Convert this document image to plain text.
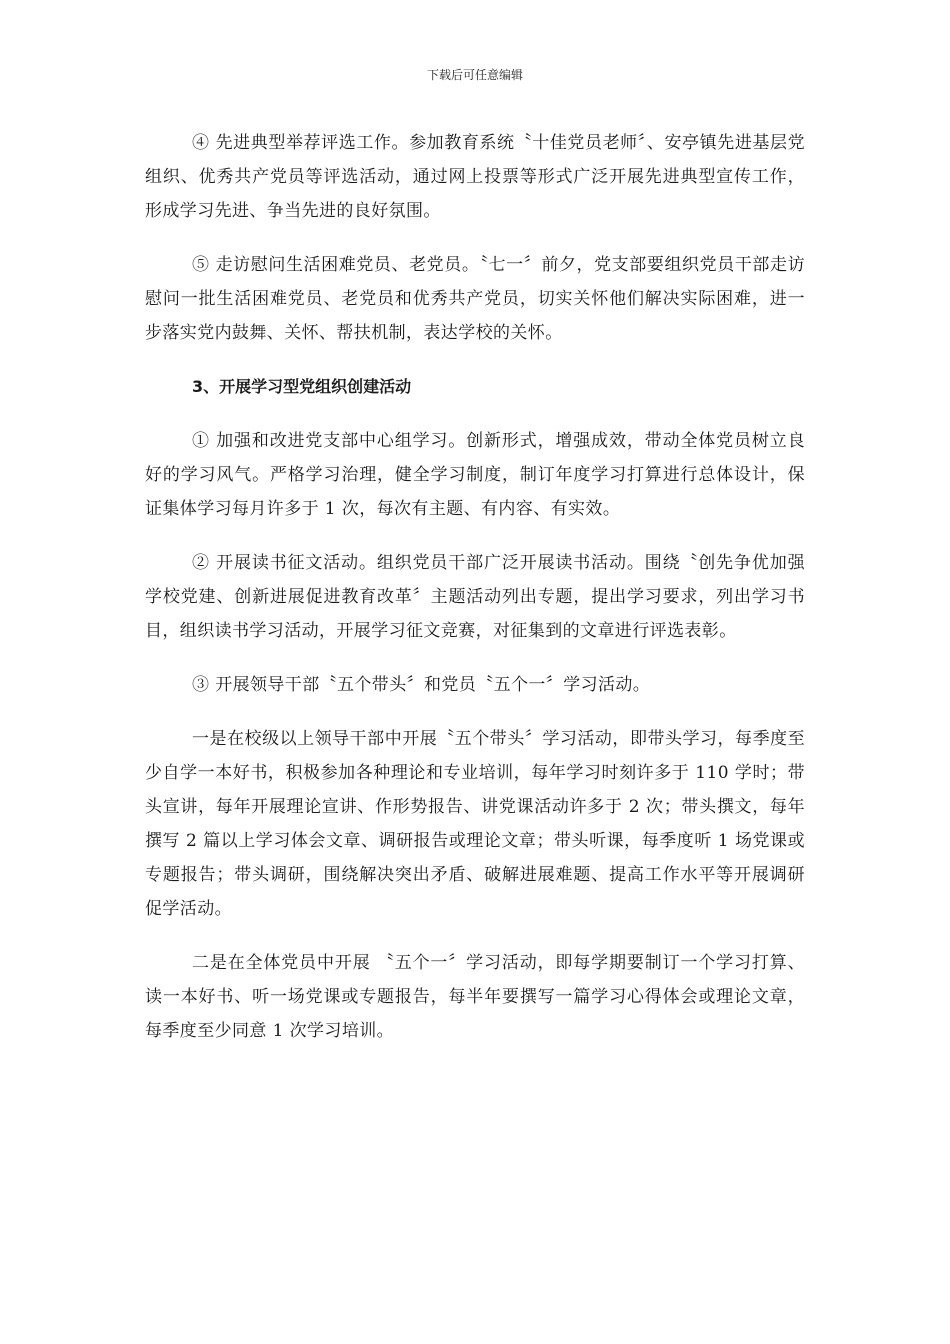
下载后可任意编辑

④ 先进典型举荐评选工作。参加教育系统〝十佳党员老师〞、安亭镇先进基层党组织、优秀共产党员等评选活动，通过网上投票等形式广泛开展先进典型宣传工作，形成学习先进、争当先进的良好氛围。

⑤ 走访慰问生活困难党员、老党员。〝七一〞前夕，党支部要组织党员干部走访慰问一批生活困难党员、老党员和优秀共产党员，切实关怀他们解决实际困难，进一步落实党内鼓舞、关怀、帮扶机制，表达学校的关怀。

3、开展学习型党组织创建活动

① 加强和改进党支部中心组学习。创新形式，增强成效，带动全体党员树立良好的学习风气。严格学习治理，健全学习制度，制订年度学习打算进行总体设计，保证集体学习每月许多于 1 次，每次有主题、有内容、有实效。

② 开展读书征文活动。组织党员干部广泛开展读书活动。围绕〝创先争优加强学校党建、创新进展促进教育改革〞主题活动列出专题，提出学习要求，列出学习书目，组织读书学习活动，开展学习征文竞赛，对征集到的文章进行评选表彰。

③ 开展领导干部〝五个带头〞和党员〝五个一〞学习活动。

一是在校级以上领导干部中开展〝五个带头〞学习活动，即带头学习，每季度至少自学一本好书，积极参加各种理论和专业培训，每年学习时刻许多于 110 学时；带头宣讲，每年开展理论宣讲、作形势报告、讲党课活动许多于 2 次；带头撰文，每年撰写 2 篇以上学习体会文章、调研报告或理论文章；带头听课，每季度听 1 场党课或专题报告；带头调研，围绕解决突出矛盾、破解进展难题、提高工作水平等开展调研促学活动。

二是在全体党员中开展 〝五个一〞学习活动，即每学期要制订一个学习打算、读一本好书、听一场党课或专题报告，每半年要撰写一篇学习心得体会或理论文章，每季度至少同意 1 次学习培训。
